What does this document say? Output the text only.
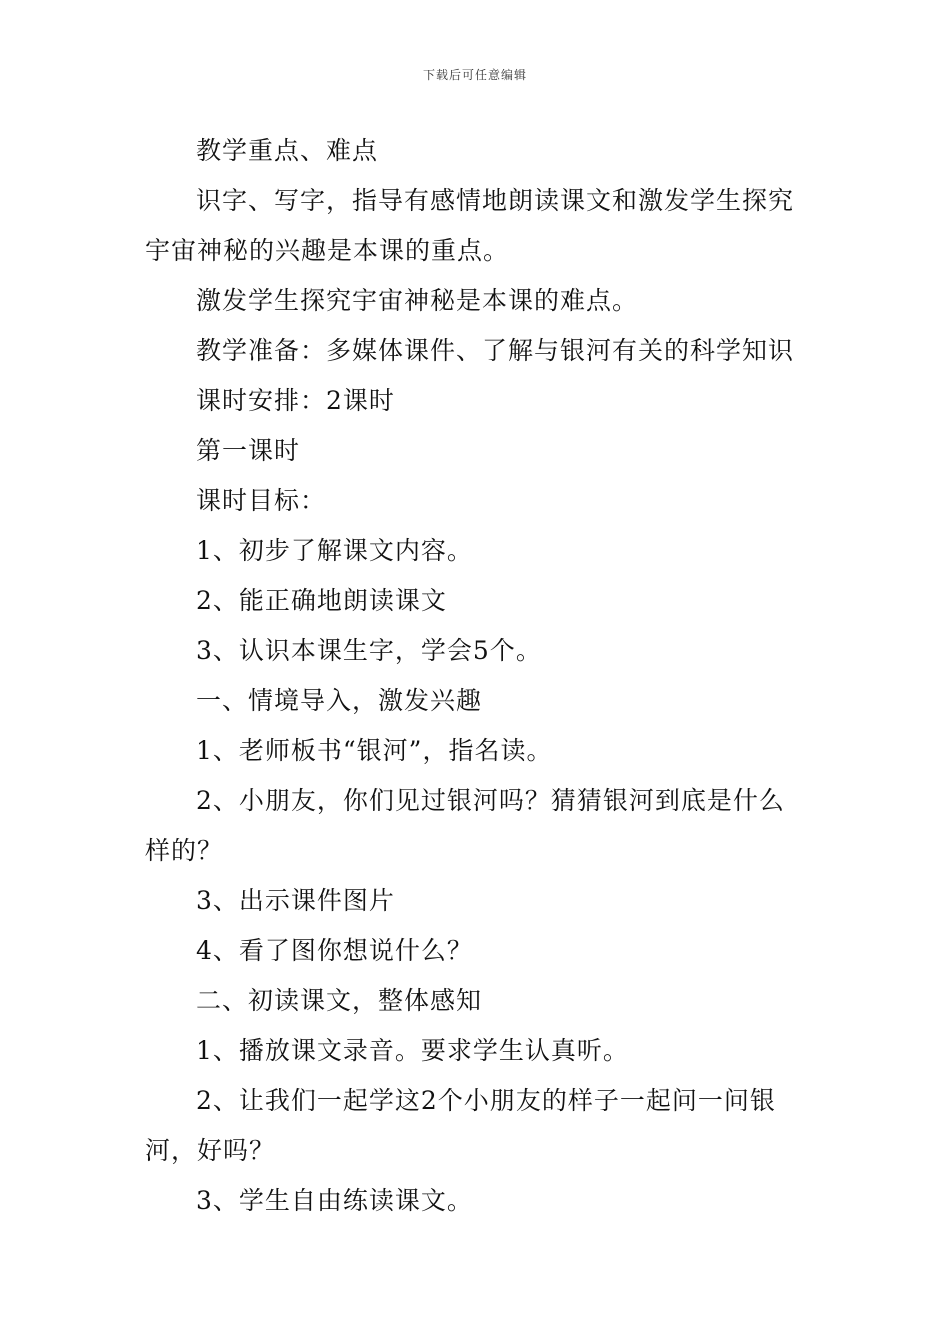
下载后可任意编辑

教学重点、难点

识字、写字，指导有感情地朗读课文和激发学生探究宇宙神秘的兴趣是本课的重点。

激发学生探究宇宙神秘是本课的难点。

教学准备：多媒体课件、了解与银河有关的科学知识

课时安排：2课时

第一课时

课时目标：

1、初步了解课文内容。

2、能正确地朗读课文

3、认识本课生字，学会5个。

一、情境导入，激发兴趣

1、老师板书“银河”，指名读。

2、小朋友，你们见过银河吗？猜猜银河到底是什么样的？

3、出示课件图片

4、看了图你想说什么？

二、初读课文，整体感知

1、播放课文录音。要求学生认真听。

2、让我们一起学这2个小朋友的样子一起问一问银河，好吗？

3、学生自由练读课文。
